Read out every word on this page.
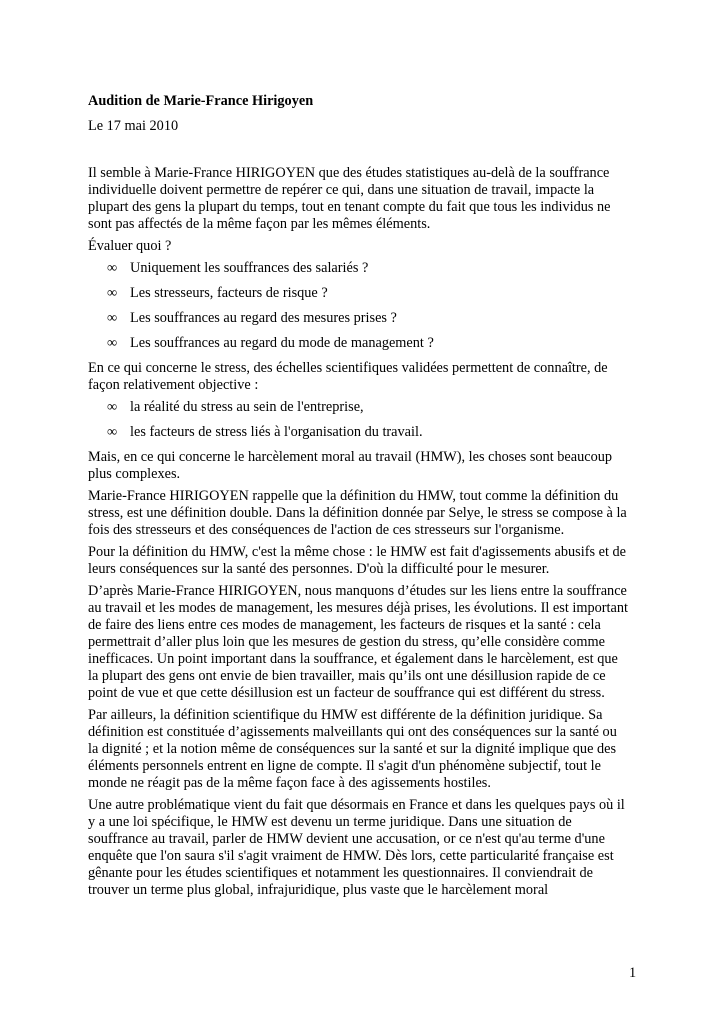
Audition de Marie-France Hirigoyen

Le 17 mai 2010

Il semble à Marie-France HIRIGOYEN que des études statistiques au-delà de la souffrance
individuelle doivent permettre de repérer ce qui, dans une situation de travail, impacte la
plupart des gens la plupart du temps, tout en tenant compte du fait que tous les individus ne
sont pas affectés de la même façon par les mêmes éléments.

Évaluer quoi ?

∞ Uniquement les souffrances des salariés ?
∞ Les stresseurs, facteurs de risque ?
∞ Les souffrances au regard des mesures prises ?
∞ Les souffrances au regard du mode de management ?

En ce qui concerne le stress, des échelles scientifiques validées permettent de connaître, de
façon relativement objective :

∞ la réalité du stress au sein de l'entreprise,
∞ les facteurs de stress liés à l'organisation du travail.

Mais, en ce qui concerne le harcèlement moral au travail (HMW), les choses sont beaucoup
plus complexes.

Marie-France HIRIGOYEN rappelle que la définition du HMW, tout comme la définition du
stress, est une définition double. Dans la définition donnée par Selye, le stress se compose à la
fois des stresseurs et des conséquences de l'action de ces stresseurs sur l'organisme.

Pour la définition du HMW, c'est la même chose : le HMW est fait d'agissements abusifs et de
leurs conséquences sur la santé des personnes. D'où la difficulté pour le mesurer.

D’après Marie-France HIRIGOYEN, nous manquons d’études sur les liens entre la souffrance
au travail et les modes de management, les mesures déjà prises, les évolutions. Il est important
de faire des liens entre ces modes de management, les facteurs de risques et la santé : cela
permettrait d’aller plus loin que les mesures de gestion du stress, qu’elle considère comme
inefficaces. Un point important dans la souffrance, et également dans le harcèlement, est que
la plupart des gens ont envie de bien travailler, mais qu’ils ont une désillusion rapide de ce
point de vue et que cette désillusion est un facteur de souffrance qui est différent du stress.

Par ailleurs, la définition scientifique du HMW est différente de la définition juridique. Sa
définition est constituée d’agissements malveillants qui ont des conséquences sur la santé ou
la dignité ; et la notion même de conséquences sur la santé et sur la dignité implique que des
éléments personnels entrent en ligne de compte. Il s'agit d'un phénomène subjectif, tout le
monde ne réagit pas de la même façon face à des agissements hostiles.

Une autre problématique vient du fait que désormais en France et dans les quelques pays où il
y a une loi spécifique, le HMW est devenu un terme juridique. Dans une situation de
souffrance au travail, parler de HMW devient une accusation, or ce n'est qu'au terme d'une
enquête que l'on saura s'il s'agit vraiment de HMW. Dès lors, cette particularité française est
gênante pour les études scientifiques et notamment les questionnaires. Il conviendrait de
trouver un terme plus global, infrajuridique, plus vaste que le harcèlement moral

1
